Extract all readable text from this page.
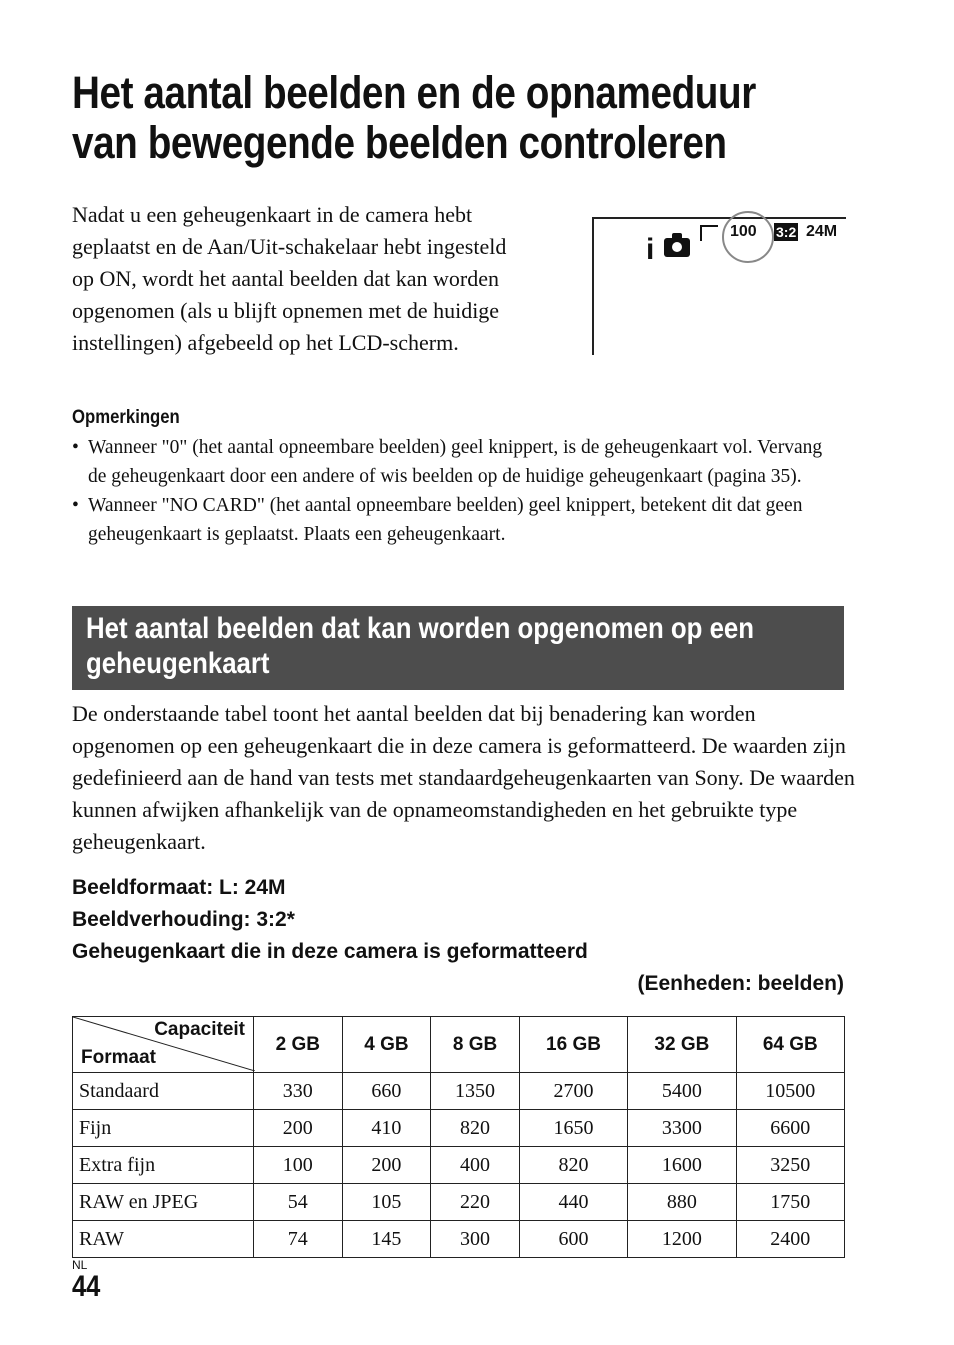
Het aantal beelden en de opnameduur
van bewegende beelden controleren
Nadat u een geheugenkaart in de camera hebt geplaatst en de Aan/Uit-schakelaar hebt ingesteld op ON, wordt het aantal beelden dat kan worden opgenomen (als u blijft opnemen met de huidige instellingen) afgebeeld op het LCD-scherm.
i
100 3:2 24M
Opmerkingen
• Wanneer "0" (het aantal opneembare beelden) geel knippert, is de geheugenkaart vol. Vervang de geheugenkaart door een andere of wis beelden op de huidige geheugenkaart (pagina 35).
• Wanneer "NO CARD" (het aantal opneembare beelden) geel knippert, betekent dit dat geen geheugenkaart is geplaatst. Plaats een geheugenkaart.
Het aantal beelden dat kan worden opgenomen op een
geheugenkaart
De onderstaande tabel toont het aantal beelden dat bij benadering kan worden opgenomen op een geheugenkaart die in deze camera is geformatteerd. De waarden zijn gedefinieerd aan de hand van tests met standaardgeheugenkaarten van Sony. De waarden kunnen afwijken afhankelijk van de opnameomstandigheden en het gebruikte type geheugenkaart.
Beeldformaat: L: 24M
Beeldverhouding: 3:2*
Geheugenkaart die in deze camera is geformatteerd
(Eenheden: beelden)
Capaciteit
Formaat	2 GB	4 GB	8 GB	16 GB	32 GB	64 GB
Standaard	330	660	1350	2700	5400	10500
Fijn	200	410	820	1650	3300	6600
Extra fijn	100	200	400	820	1600	3250
RAW en JPEG	54	105	220	440	880	1750
RAW	74	145	300	600	1200	2400
NL
44
